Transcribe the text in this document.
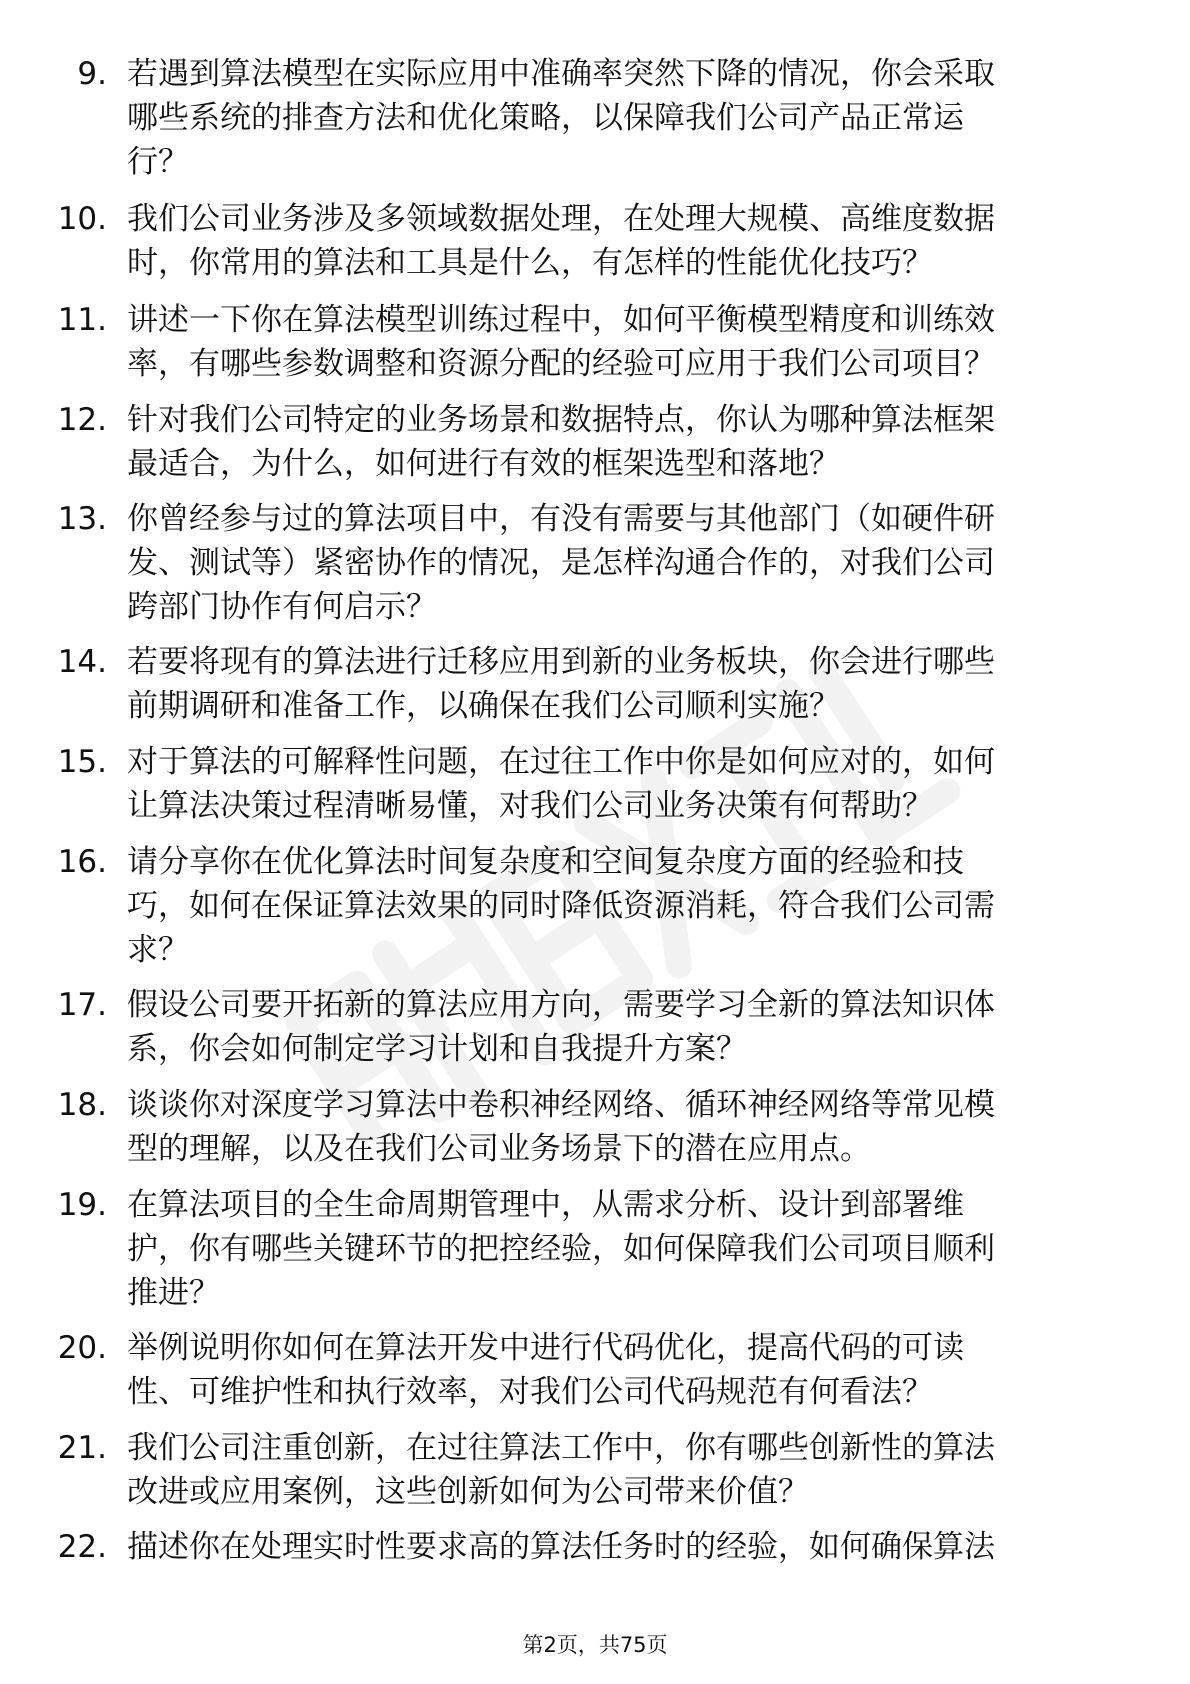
9. 若遇到算法模型在实际应用中准确率突然下降的情况，你会采取
哪些系统的排查方法和优化策略，以保障我们公司产品正常运
行？
10. 我们公司业务涉及多领域数据处理，在处理大规模、高维度数据
时，你常用的算法和工具是什么，有怎样的性能优化技巧？
11. 讲述一下你在算法模型训练过程中，如何平衡模型精度和训练效
率，有哪些参数调整和资源分配的经验可应用于我们公司项目？
12. 针对我们公司特定的业务场景和数据特点，你认为哪种算法框架
最适合，为什么，如何进行有效的框架选型和落地？
13. 你曾经参与过的算法项目中，有没有需要与其他部门（如硬件研
发、测试等）紧密协作的情况，是怎样沟通合作的，对我们公司
跨部门协作有何启示？
14. 若要将现有的算法进行迁移应用到新的业务板块，你会进行哪些
前期调研和准备工作，以确保在我们公司顺利实施？
15. 对于算法的可解释性问题，在过往工作中你是如何应对的，如何
让算法决策过程清晰易懂，对我们公司业务决策有何帮助？
16. 请分享你在优化算法时间复杂度和空间复杂度方面的经验和技
巧，如何在保证算法效果的同时降低资源消耗，符合我们公司需
求？
17. 假设公司要开拓新的算法应用方向，需要学习全新的算法知识体
系，你会如何制定学习计划和自我提升方案？
18. 谈谈你对深度学习算法中卷积神经网络、循环神经网络等常见模
型的理解，以及在我们公司业务场景下的潜在应用点。
19. 在算法项目的全生命周期管理中，从需求分析、设计到部署维
护，你有哪些关键环节的把控经验，如何保障我们公司项目顺利
推进？
20. 举例说明你如何在算法开发中进行代码优化，提高代码的可读
性、可维护性和执行效率，对我们公司代码规范有何看法？
21. 我们公司注重创新，在过往算法工作中，你有哪些创新性的算法
改进或应用案例，这些创新如何为公司带来价值？
22. 描述你在处理实时性要求高的算法任务时的经验，如何确保算法
第2页，共75页
